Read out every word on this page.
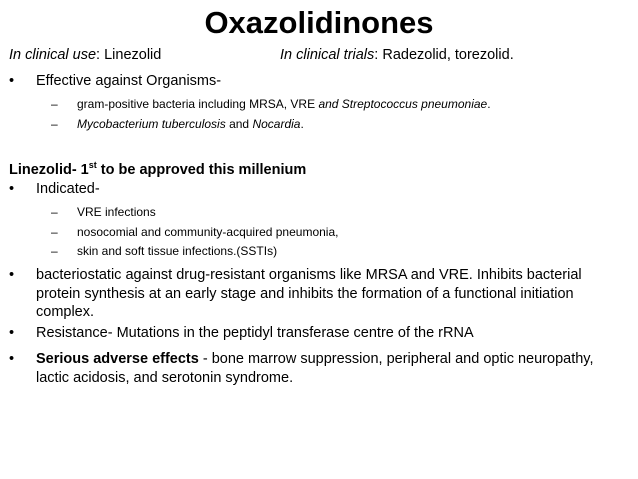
Oxazolidinones
In clinical use: Linezolid	In clinical trials: Radezolid, torezolid.
• Effective against Organisms-
– gram-positive bacteria including MRSA, VRE and Streptococcus pneumoniae.
– Mycobacterium tuberculosis and Nocardia.
Linezolid- 1st to be approved this millenium
• Indicated-
– VRE infections
– nosocomial and community-acquired pneumonia,
– skin and soft tissue infections.(SSTIs)
• bacteriostatic against drug-resistant organisms like MRSA and VRE. Inhibits bacterial protein synthesis at an early stage and inhibits the formation of a functional initiation complex.
• Resistance- Mutations in the peptidyl transferase centre of the rRNA
• Serious adverse effects - bone marrow suppression, peripheral and optic neuropathy, lactic acidosis, and serotonin syndrome.
